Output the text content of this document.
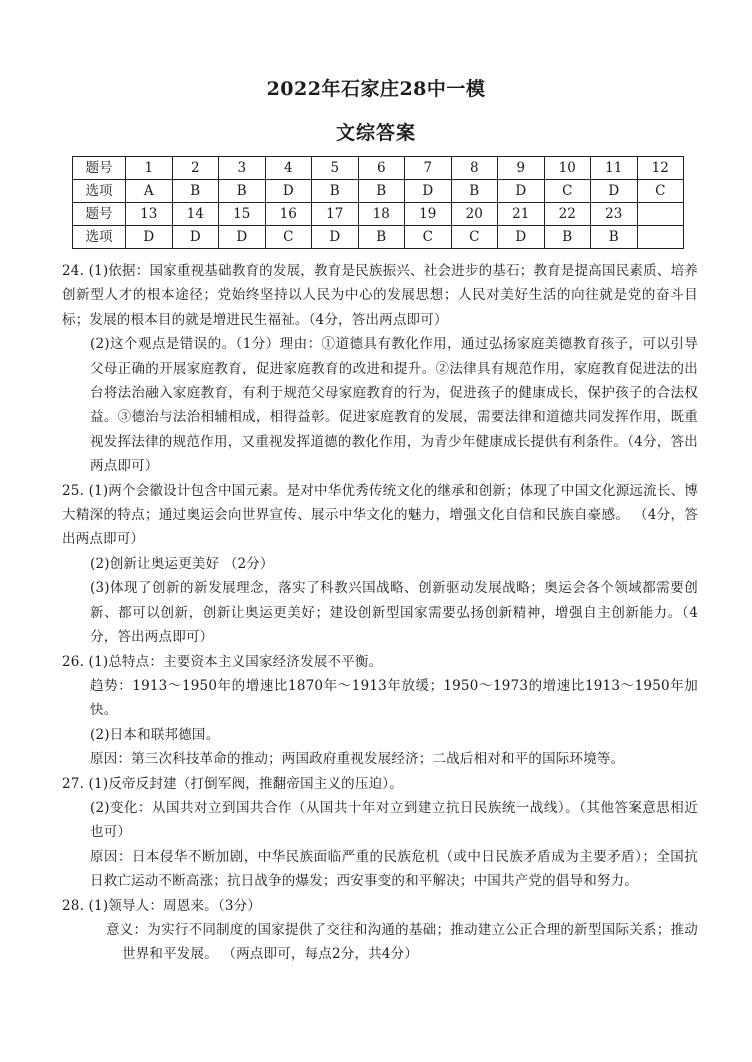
2022年石家庄28中一模
文综答案
题号	1	2	3	4	5	6	7	8	9	10	11	12
选项	A	B	B	D	B	B	D	B	D	C	D	C
题号	13	14	15	16	17	18	19	20	21	22	23	
选项	D	D	D	C	D	B	C	C	D	B	B	

24. (1)依据：国家重视基础教育的发展，教育是民族振兴、社会进步的基石；教育是提高国民素质、培养创新型人才的根本途径；党始终坚持以人民为中心的发展思想；人民对美好生活的向往就是党的奋斗目标；发展的根本目的就是增进民生福祉。（4分，答出两点即可）

(2)这个观点是错误的。（1分）理由：①道德具有教化作用，通过弘扬家庭美德教育孩子，可以引导父母正确的开展家庭教育，促进家庭教育的改进和提升。②法律具有规范作用，家庭教育促进法的出台将法治融入家庭教育，有利于规范父母家庭教育的行为，促进孩子的健康成长，保护孩子的合法权益。③德治与法治相辅相成，相得益彰。促进家庭教育的发展，需要法律和道德共同发挥作用，既重视发挥法律的规范作用，又重视发挥道德的教化作用，为青少年健康成长提供有利条件。（4分，答出两点即可）

25. (1)两个会徽设计包含中国元素。是对中华优秀传统文化的继承和创新；体现了中国文化源远流长、博大精深的特点；通过奥运会向世界宣传、展示中华文化的魅力，增强文化自信和民族自豪感。 （4分，答出两点即可）

(2)创新让奥运更美好 （2分）

(3)体现了创新的新发展理念，落实了科教兴国战略、创新驱动发展战略；奥运会各个领域都需要创新、都可以创新，创新让奥运更美好；建设创新型国家需要弘扬创新精神，增强自主创新能力。（4分，答出两点即可）

26. (1)总特点：主要资本主义国家经济发展不平衡。

趋势：1913～1950年的增速比1870年～1913年放缓；1950～1973的增速比1913～1950年加快。

(2)日本和联邦德国。

原因：第三次科技革命的推动；两国政府重视发展经济；二战后相对和平的国际环境等。

27. (1)反帝反封建（打倒军阀，推翻帝国主义的压迫）。

(2)变化：从国共对立到国共合作（从国共十年对立到建立抗日民族统一战线）。（其他答案意思相近也可）

原因：日本侵华不断加剧，中华民族面临严重的民族危机（或中日民族矛盾成为主要矛盾）；全国抗日救亡运动不断高涨；抗日战争的爆发；西安事变的和平解决；中国共产党的倡导和努力。

28. (1)领导人：周恩来。（3分）

意义：为实行不同制度的国家提供了交往和沟通的基础；推动建立公正合理的新型国际关系；推动世界和平发展。 （两点即可，每点2分，共4分）
